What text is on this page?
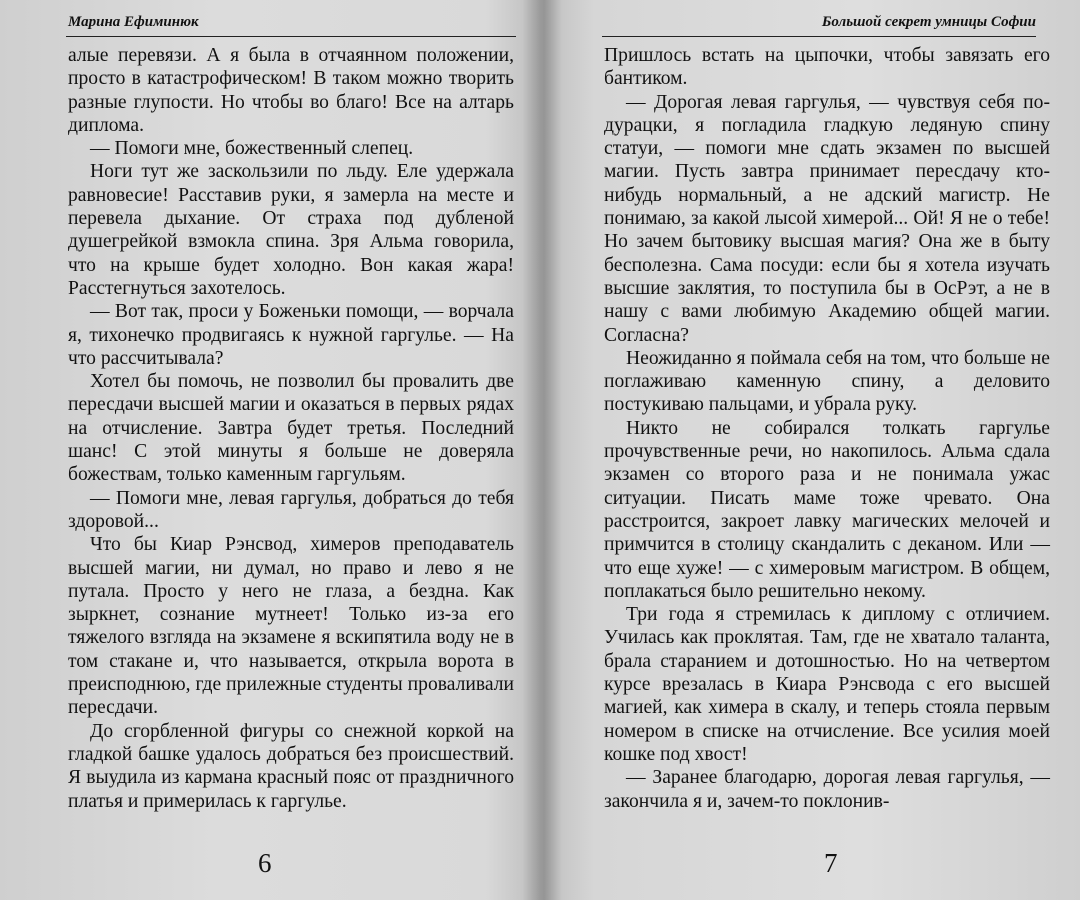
Марина Ефиминюк

алые перевязи. А я была в отчаянном положении, просто в катастрофическом! В таком можно творить разные глупости. Но чтобы во благо! Все на алтарь диплома.

— Помоги мне, божественный слепец.

Ноги тут же заскользили по льду. Еле удержала равновесие! Расставив руки, я замерла на месте и перевела дыхание. От страха под дубленой душегрейкой взмокла спина. Зря Альма говорила, что на крыше будет холодно. Вон какая жара! Расстегнуться захотелось.

— Вот так, проси у Боженьки помощи, — ворчала я, тихонечко продвигаясь к нужной гаргулье. — На что рассчитывала?

Хотел бы помочь, не позволил бы провалить две пересдачи высшей магии и оказаться в первых рядах на отчисление. Завтра будет третья. Последний шанс! С этой минуты я больше не доверяла божествам, только каменным гаргульям.

— Помоги мне, левая гаргулья, добраться до тебя здоровой...

Что бы Киар Рэнсвод, химеров преподаватель высшей магии, ни думал, но право и лево я не путала. Просто у него не глаза, а бездна. Как зыркнет, сознание мутнеет! Только из-за его тяжелого взгляда на экзамене я вскипятила воду не в том стакане и, что называется, открыла ворота в преисподнюю, где прилежные студенты проваливали пересдачи.

До сгорбленной фигуры со снежной коркой на гладкой башке удалось добраться без происшествий. Я выудила из кармана красный пояс от праздничного платья и примерилась к гаргулье.

6
Большой секрет умницы Софии

Пришлось встать на цыпочки, чтобы завязать его бантиком.

— Дорогая левая гаргулья, — чувствуя себя по-дурацки, я погладила гладкую ледяную спину статуи, — помоги мне сдать экзамен по высшей магии. Пусть завтра принимает пересдачу кто-нибудь нормальный, а не адский магистр. Не понимаю, за какой лысой химерой... Ой! Я не о тебе! Но зачем бытовику высшая магия? Она же в быту бесполезна. Сама посуди: если бы я хотела изучать высшие заклятия, то поступила бы в ОсРэт, а не в нашу с вами любимую Академию общей магии. Согласна?

Неожиданно я поймала себя на том, что больше не поглаживаю каменную спину, а деловито постукиваю пальцами, и убрала руку.

Никто не собирался толкать гаргулье прочувственные речи, но накопилось. Альма сдала экзамен со второго раза и не понимала ужас ситуации. Писать маме тоже чревато. Она расстроится, закроет лавку магических мелочей и примчится в столицу скандалить с деканом. Или — что еще хуже! — с химеровым магистром. В общем, поплакаться было решительно некому.

Три года я стремилась к диплому с отличием. Училась как проклятая. Там, где не хватало таланта, брала старанием и дотошностью. Но на четвертом курсе врезалась в Киара Рэнсвода с его высшей магией, как химера в скалу, и теперь стояла первым номером в списке на отчисление. Все усилия моей кошке под хвост!

— Заранее благодарю, дорогая левая гаргулья, — закончила я и, зачем-то поклонив-

7
